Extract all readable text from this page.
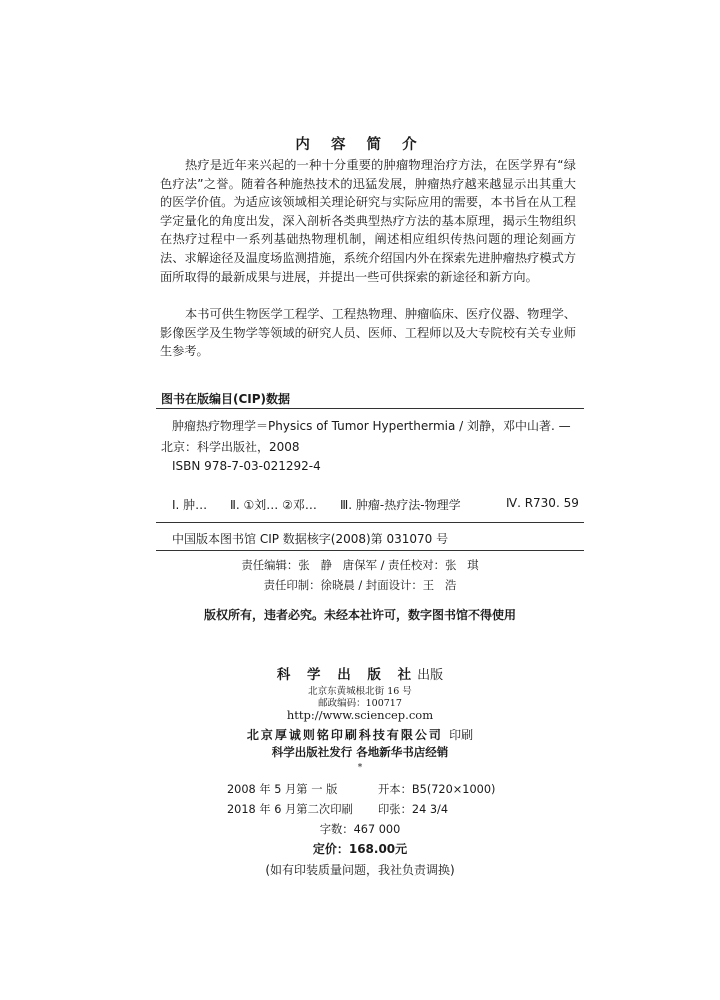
内 容 简 介
热疗是近年来兴起的一种十分重要的肿瘤物理治疗方法，在医学界有“绿色疗法”之誉。随着各种施热技术的迅猛发展，肿瘤热疗越来越显示出其重大的医学价值。为适应该领域相关理论研究与实际应用的需要，本书旨在从工程学定量化的角度出发，深入剖析各类典型热疗方法的基本原理，揭示生物组织在热疗过程中一系列基础热物理机制，阐述相应组织传热问题的理论刻画方法、求解途径及温度场监测措施，系统介绍国内外在探索先进肿瘤热疗模式方面所取得的最新成果与进展，并提出一些可供探索的新途径和新方向。
本书可供生物医学工程学、工程热物理、肿瘤临床、医疗仪器、物理学、影像医学及生物学等领域的研究人员、医师、工程师以及大专院校有关专业师生参考。
图书在版编目(CIP)数据
肿瘤热疗物理学＝Physics of Tumor Hyperthermia / 刘静，邓中山著. —
北京：科学出版社，2008
ISBN 978-7-03-021292-4
Ⅰ. 肿… Ⅱ. ①刘… ②邓… Ⅲ. 肿瘤-热疗法-物理学	Ⅳ. R730. 59
中国版本图书馆 CIP 数据核字(2008)第 031070 号
责任编辑：张   静   唐保军 / 责任校对：张   琪
责任印制：徐晓晨 / 封面设计：王   浩
版权所有，违者必究。未经本社许可，数字图书馆不得使用
科 学 出 版 社出版
北京东黄城根北街 16 号
邮政编码：100717
http://www.sciencep.com
北京厚诚则铭印刷科技有限公司 印刷
科学出版社发行 各地新华书店经销
*
2008 年 5 月第 一 版	开本：B5(720×1000)
2018 年 6 月第二次印刷 印张：24 3/4
字数：467 000
定价：168.00元
(如有印装质量问题，我社负责调换)
